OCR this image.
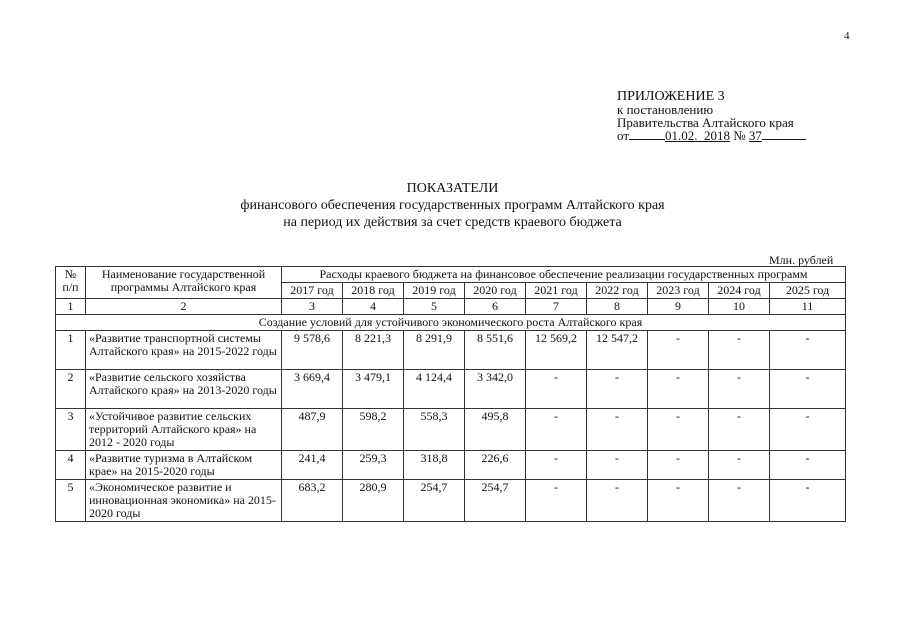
4
ПРИЛОЖЕНИЕ 3
к постановлению
Правительства Алтайского края
от	01.02. 2018 № 37
ПОКАЗАТЕЛИ
финансового обеспечения государственных программ Алтайского края
на период их действия за счет средств краевого бюджета
Млн. рублей
№ п/п	Наименование государственной программы Алтайского края	Расходы краевого бюджета на финансовое обеспечение реализации государственных программ								
		2017 год	2018 год	2019 год	2020 год	2021 год	2022 год	2023 год	2024 год	2025 год
1	2	3	4	5	6	7	8	9	10	11
Создание условий для устойчивого экономического роста Алтайского края										
1	«Развитие транспортной системы Алтайского края» на 2015-2022 годы	9 578,6	8 221,3	8 291,9	8 551,6	12 569,2	12 547,2	-	-	-
2	«Развитие сельского хозяйства Алтайского края» на 2013-2020 годы	3 669,4	3 479,1	4 124,4	3 342,0	-	-	-	-	-
3	«Устойчивое развитие сельских территорий Алтайского края» на 2012 - 2020 годы	487,9	598,2	558,3	495,8	-	-	-	-	-
4	«Развитие туризма в Алтайском крае» на 2015-2020 годы	241,4	259,3	318,8	226,6	-	-	-	-	-
5	«Экономическое развитие и инновационная экономика» на 2015-2020 годы	683,2	280,9	254,7	254,7	-	-	-	-	-
